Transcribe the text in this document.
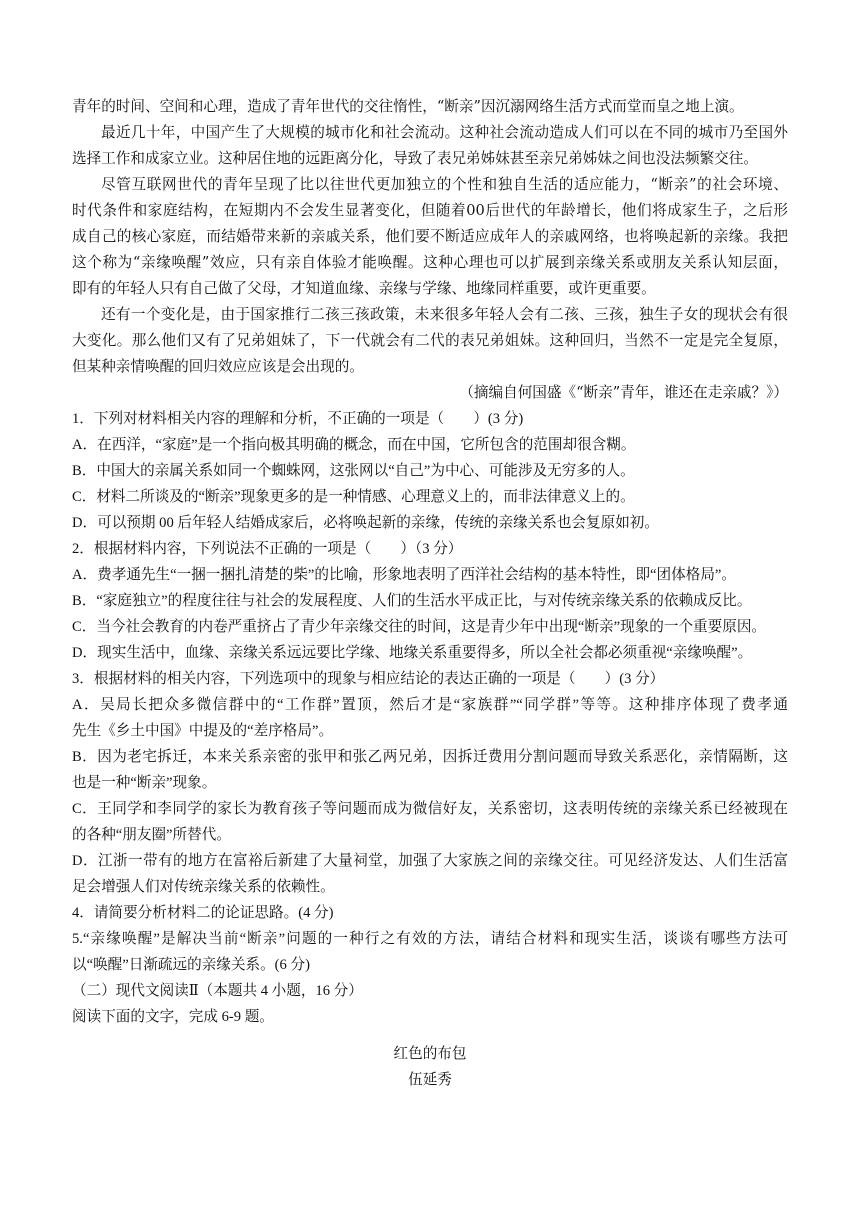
青年的时间、空间和心理，造成了青年世代的交往惰性，“断亲”因沉溺网络生活方式而堂而皇之地上演。
最近几十年，中国产生了大规模的城市化和社会流动。这种社会流动造成人们可以在不同的城市乃至国外
选择工作和成家立业。这种居住地的远距离分化，导致了表兄弟姊妹甚至亲兄弟姊妹之间也没法频繁交往。
尽管互联网世代的青年呈现了比以往世代更加独立的个性和独自生活的适应能力，“断亲”的社会环境、
时代条件和家庭结构，在短期内不会发生显著变化，但随着00后世代的年龄增长，他们将成家生子，之后形
成自己的核心家庭，而结婚带来新的亲戚关系，他们要不断适应成年人的亲戚网络，也将唤起新的亲缘。我把
这个称为“亲缘唤醒”效应，只有亲自体验才能唤醒。这种心理也可以扩展到亲缘关系或朋友关系认知层面，
即有的年轻人只有自己做了父母，才知道血缘、亲缘与学缘、地缘同样重要，或许更重要。
还有一个变化是，由于国家推行二孩三孩政策，未来很多年轻人会有二孩、三孩，独生子女的现状会有很
大变化。那么他们又有了兄弟姐妹了，下一代就会有二代的表兄弟姐妹。这种回归，当然不一定是完全复原，
但某种亲情唤醒的回归效应应该是会出现的。
（摘编自何国盛《“断亲”青年，谁还在走亲戚？》）
1．下列对材料相关内容的理解和分析，不正确的一项是（　　）(3 分)
A．在西洋，“家庭”是一个指向极其明确的概念，而在中国，它所包含的范围却很含糊。
B．中国大的亲属关系如同一个蜘蛛网，这张网以“自己”为中心、可能涉及无穷多的人。
C．材料二所谈及的“断亲”现象更多的是一种情感、心理意义上的，而非法律意义上的。
D．可以预期 00 后年轻人结婚成家后，必将唤起新的亲缘，传统的亲缘关系也会复原如初。
2．根据材料内容，下列说法不正确的一项是（　　）（3 分）
A．费孝通先生“一捆一捆扎清楚的柴”的比喻，形象地表明了西洋社会结构的基本特性，即“团体格局”。
B．“家庭独立”的程度往往与社会的发展程度、人们的生活水平成正比，与对传统亲缘关系的依赖成反比。
C．当今社会教育的内卷严重挤占了青少年亲缘交往的时间，这是青少年中出现“断亲”现象的一个重要原因。
D．现实生活中，血缘、亲缘关系远远要比学缘、地缘关系重要得多，所以全社会都必须重视“亲缘唤醒”。
3．根据材料的相关内容，下列选项中的现象与相应结论的表达正确的一项是（　　）(3 分）
A．吴局长把众多微信群中的“工作群”置顶，然后才是“家族群”“同学群”等等。这种排序体现了费孝通
先生《乡土中国》中提及的“差序格局”。
B．因为老宅拆迁，本来关系亲密的张甲和张乙两兄弟，因拆迁费用分割问题而导致关系恶化，亲情隔断，这
也是一种“断亲”现象。
C．王同学和李同学的家长为教育孩子等问题而成为微信好友，关系密切，这表明传统的亲缘关系已经被现在
的各种“朋友圈”所替代。
D．江浙一带有的地方在富裕后新建了大量祠堂，加强了大家族之间的亲缘交往。可见经济发达、人们生活富
足会增强人们对传统亲缘关系的依赖性。
4．请简要分析材料二的论证思路。(4 分)
5.“亲缘唤醒”是解决当前“断亲”问题的一种行之有效的方法，请结合材料和现实生活，谈谈有哪些方法可
以“唤醒”日渐疏远的亲缘关系。(6 分)
（二）现代文阅读Ⅱ（本题共 4 小题，16 分）
阅读下面的文字，完成 6-9 题。
红色的布包
伍延秀
